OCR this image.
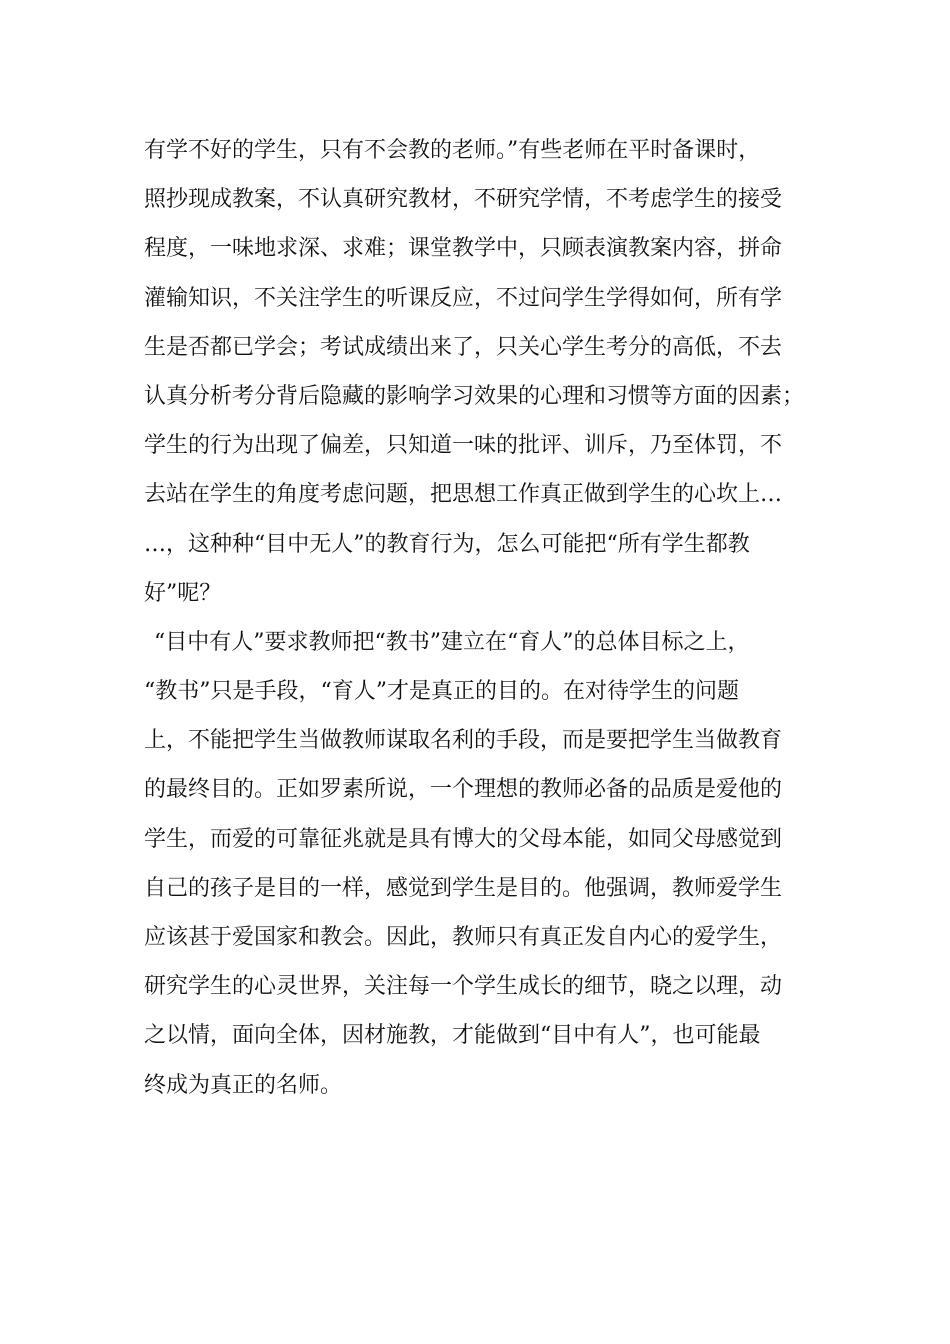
有学不好的学生，只有不会教的老师。”有些老师在平时备课时，
照抄现成教案，不认真研究教材，不研究学情，不考虑学生的接受
程度，一味地求深、求难；课堂教学中，只顾表演教案内容，拼命
灌输知识，不关注学生的听课反应，不过问学生学得如何，所有学
生是否都已学会；考试成绩出来了，只关心学生考分的高低，不去
认真分析考分背后隐藏的影响学习效果的心理和习惯等方面的因素；
学生的行为出现了偏差，只知道一味的批评、训斥，乃至体罚，不
去站在学生的角度考虑问题，把思想工作真正做到学生的心坎上…
…，这种种“目中无人”的教育行为，怎么可能把“所有学生都教
好”呢？
“目中有人”要求教师把“教书”建立在“育人”的总体目标之上，
“教书”只是手段，“育人”才是真正的目的。在对待学生的问题
上，不能把学生当做教师谋取名利的手段，而是要把学生当做教育
的最终目的。正如罗素所说，一个理想的教师必备的品质是爱他的
学生，而爱的可靠征兆就是具有博大的父母本能，如同父母感觉到
自己的孩子是目的一样，感觉到学生是目的。他强调，教师爱学生
应该甚于爱国家和教会。因此，教师只有真正发自内心的爱学生，
研究学生的心灵世界，关注每一个学生成长的细节，晓之以理，动
之以情，面向全体，因材施教，才能做到“目中有人”，也可能最
终成为真正的名师。
